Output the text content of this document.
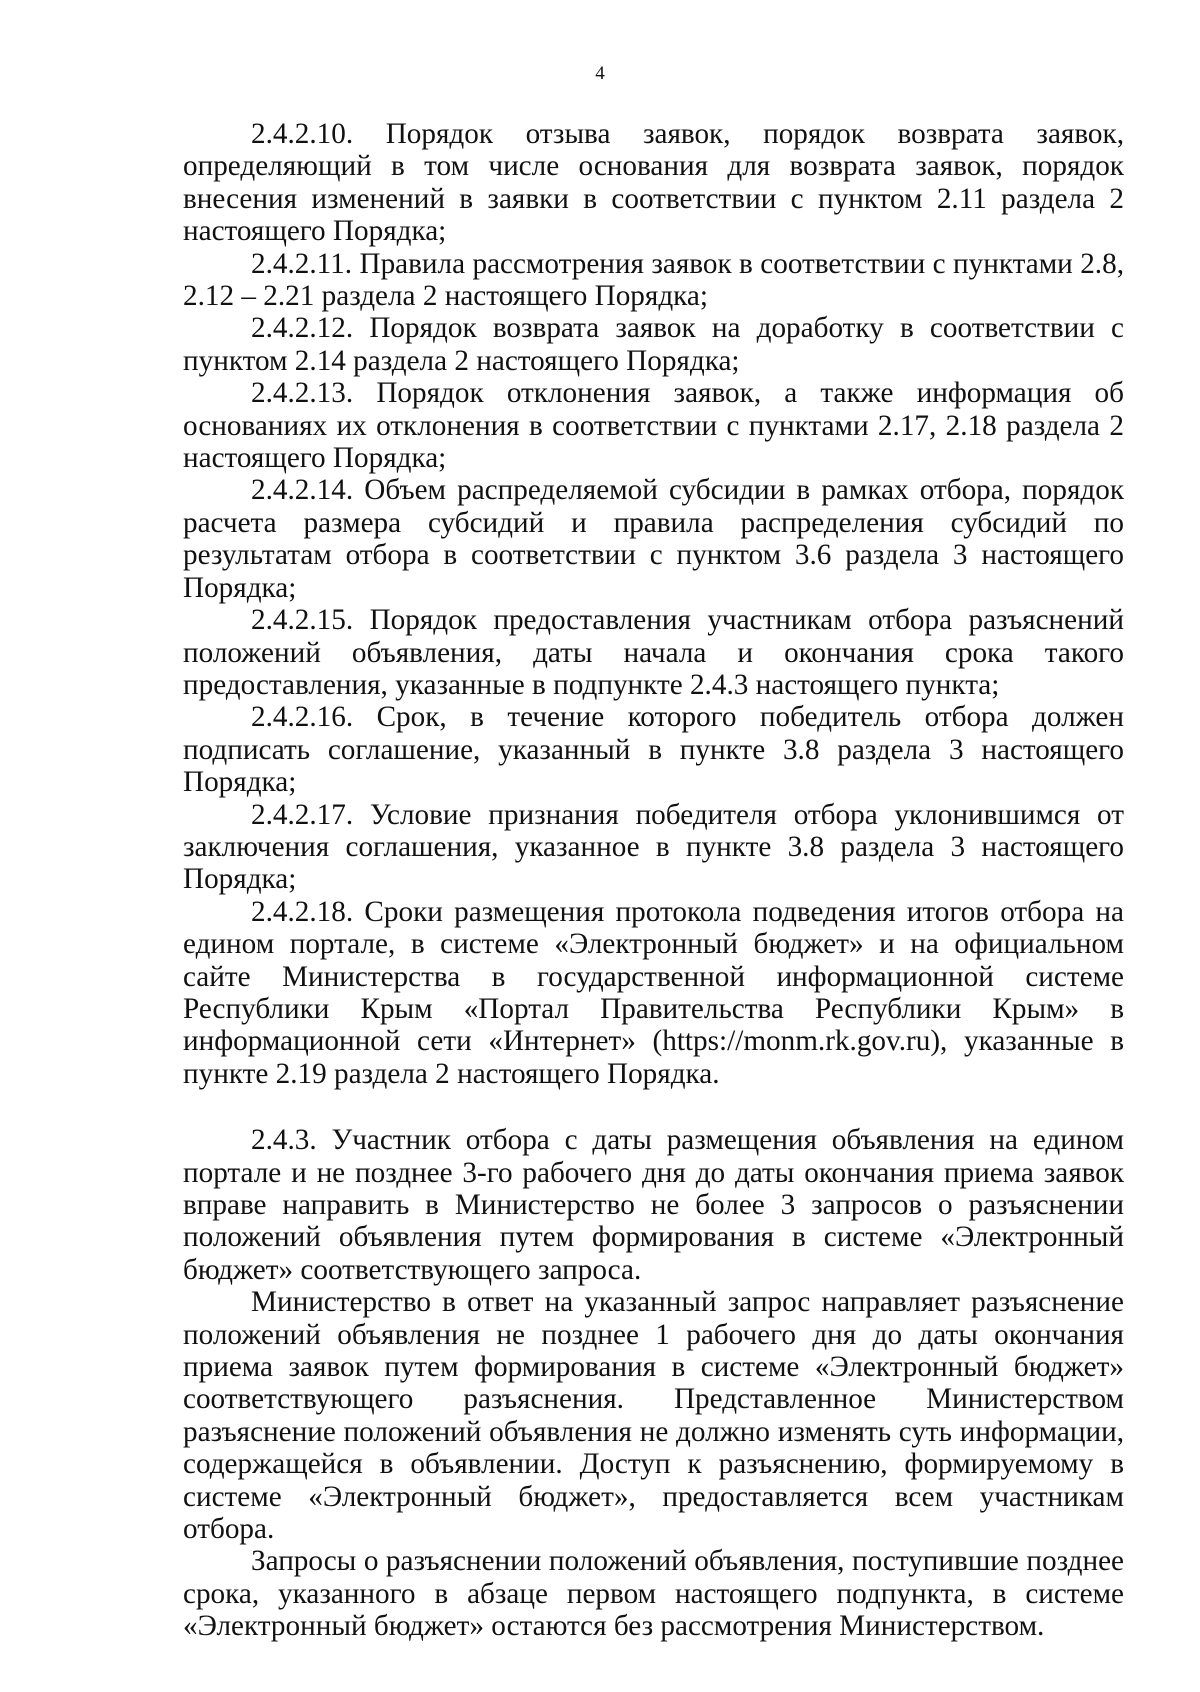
4

2.4.2.10. Порядок отзыва заявок, порядок возврата заявок, определяющий в том числе основания для возврата заявок, порядок внесения изменений в заявки в соответствии с пунктом 2.11 раздела 2 настоящего Порядка;

2.4.2.11. Правила рассмотрения заявок в соответствии с пунктами 2.8, 2.12 – 2.21 раздела 2 настоящего Порядка;

2.4.2.12. Порядок возврата заявок на доработку в соответствии с пунктом 2.14 раздела 2 настоящего Порядка;

2.4.2.13. Порядок отклонения заявок, а также информация об основаниях их отклонения в соответствии с пунктами 2.17, 2.18 раздела 2 настоящего Порядка;

2.4.2.14. Объем распределяемой субсидии в рамках отбора, порядок расчета размера субсидий и правила распределения субсидий по результатам отбора в соответствии с пунктом 3.6 раздела 3 настоящего Порядка;

2.4.2.15. Порядок предоставления участникам отбора разъяснений положений объявления, даты начала и окончания срока такого предоставления, указанные в подпункте 2.4.3 настоящего пункта;

2.4.2.16. Срок, в течение которого победитель отбора должен подписать соглашение, указанный в пункте 3.8 раздела 3 настоящего Порядка;

2.4.2.17. Условие признания победителя отбора уклонившимся от заключения соглашения, указанное в пункте 3.8 раздела 3 настоящего Порядка;

2.4.2.18. Сроки размещения протокола подведения итогов отбора на едином портале, в системе «Электронный бюджет» и на официальном сайте Министерства в государственной информационной системе Республики Крым «Портал Правительства Республики Крым» в информационной сети «Интернет» (https://monm.rk.gov.ru), указанные в пункте 2.19 раздела 2 настоящего Порядка.

2.4.3. Участник отбора с даты размещения объявления на едином портале и не позднее 3-го рабочего дня до даты окончания приема заявок вправе направить в Министерство не более 3 запросов о разъяснении положений объявления путем формирования в системе «Электронный бюджет» соответствующего запроса.

Министерство в ответ на указанный запрос направляет разъяснение положений объявления не позднее 1 рабочего дня до даты окончания приема заявок путем формирования в системе «Электронный бюджет» соответствующего разъяснения. Представленное Министерством разъяснение положений объявления не должно изменять суть информации, содержащейся в объявлении. Доступ к разъяснению, формируемому в системе «Электронный бюджет», предоставляется всем участникам отбора.

Запросы о разъяснении положений объявления, поступившие позднее срока, указанного в абзаце первом настоящего подпункта, в системе «Электронный бюджет» остаются без рассмотрения Министерством.
